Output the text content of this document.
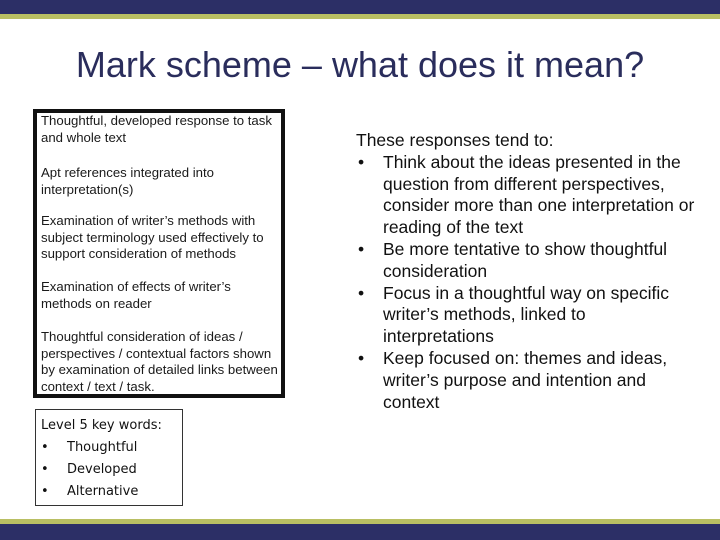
Mark scheme – what does it mean?

Thoughtful, developed response to task and whole text

Apt references integrated into interpretation(s)

Examination of writer’s methods with subject terminology used effectively to support consideration of methods

Examination of effects of writer’s methods on reader

Thoughtful consideration of ideas / perspectives / contextual factors shown by examination of detailed links between context / text / task.

Level 5 key words:
• Thoughtful
• Developed
• Alternative

These responses tend to:

• Think about the ideas presented in the question from different perspectives, consider more than one interpretation or reading of the text
• Be more tentative to show thoughtful consideration
• Focus in a thoughtful way on specific writer’s methods, linked to interpretations
• Keep focused on: themes and ideas, writer’s purpose and intention and context
